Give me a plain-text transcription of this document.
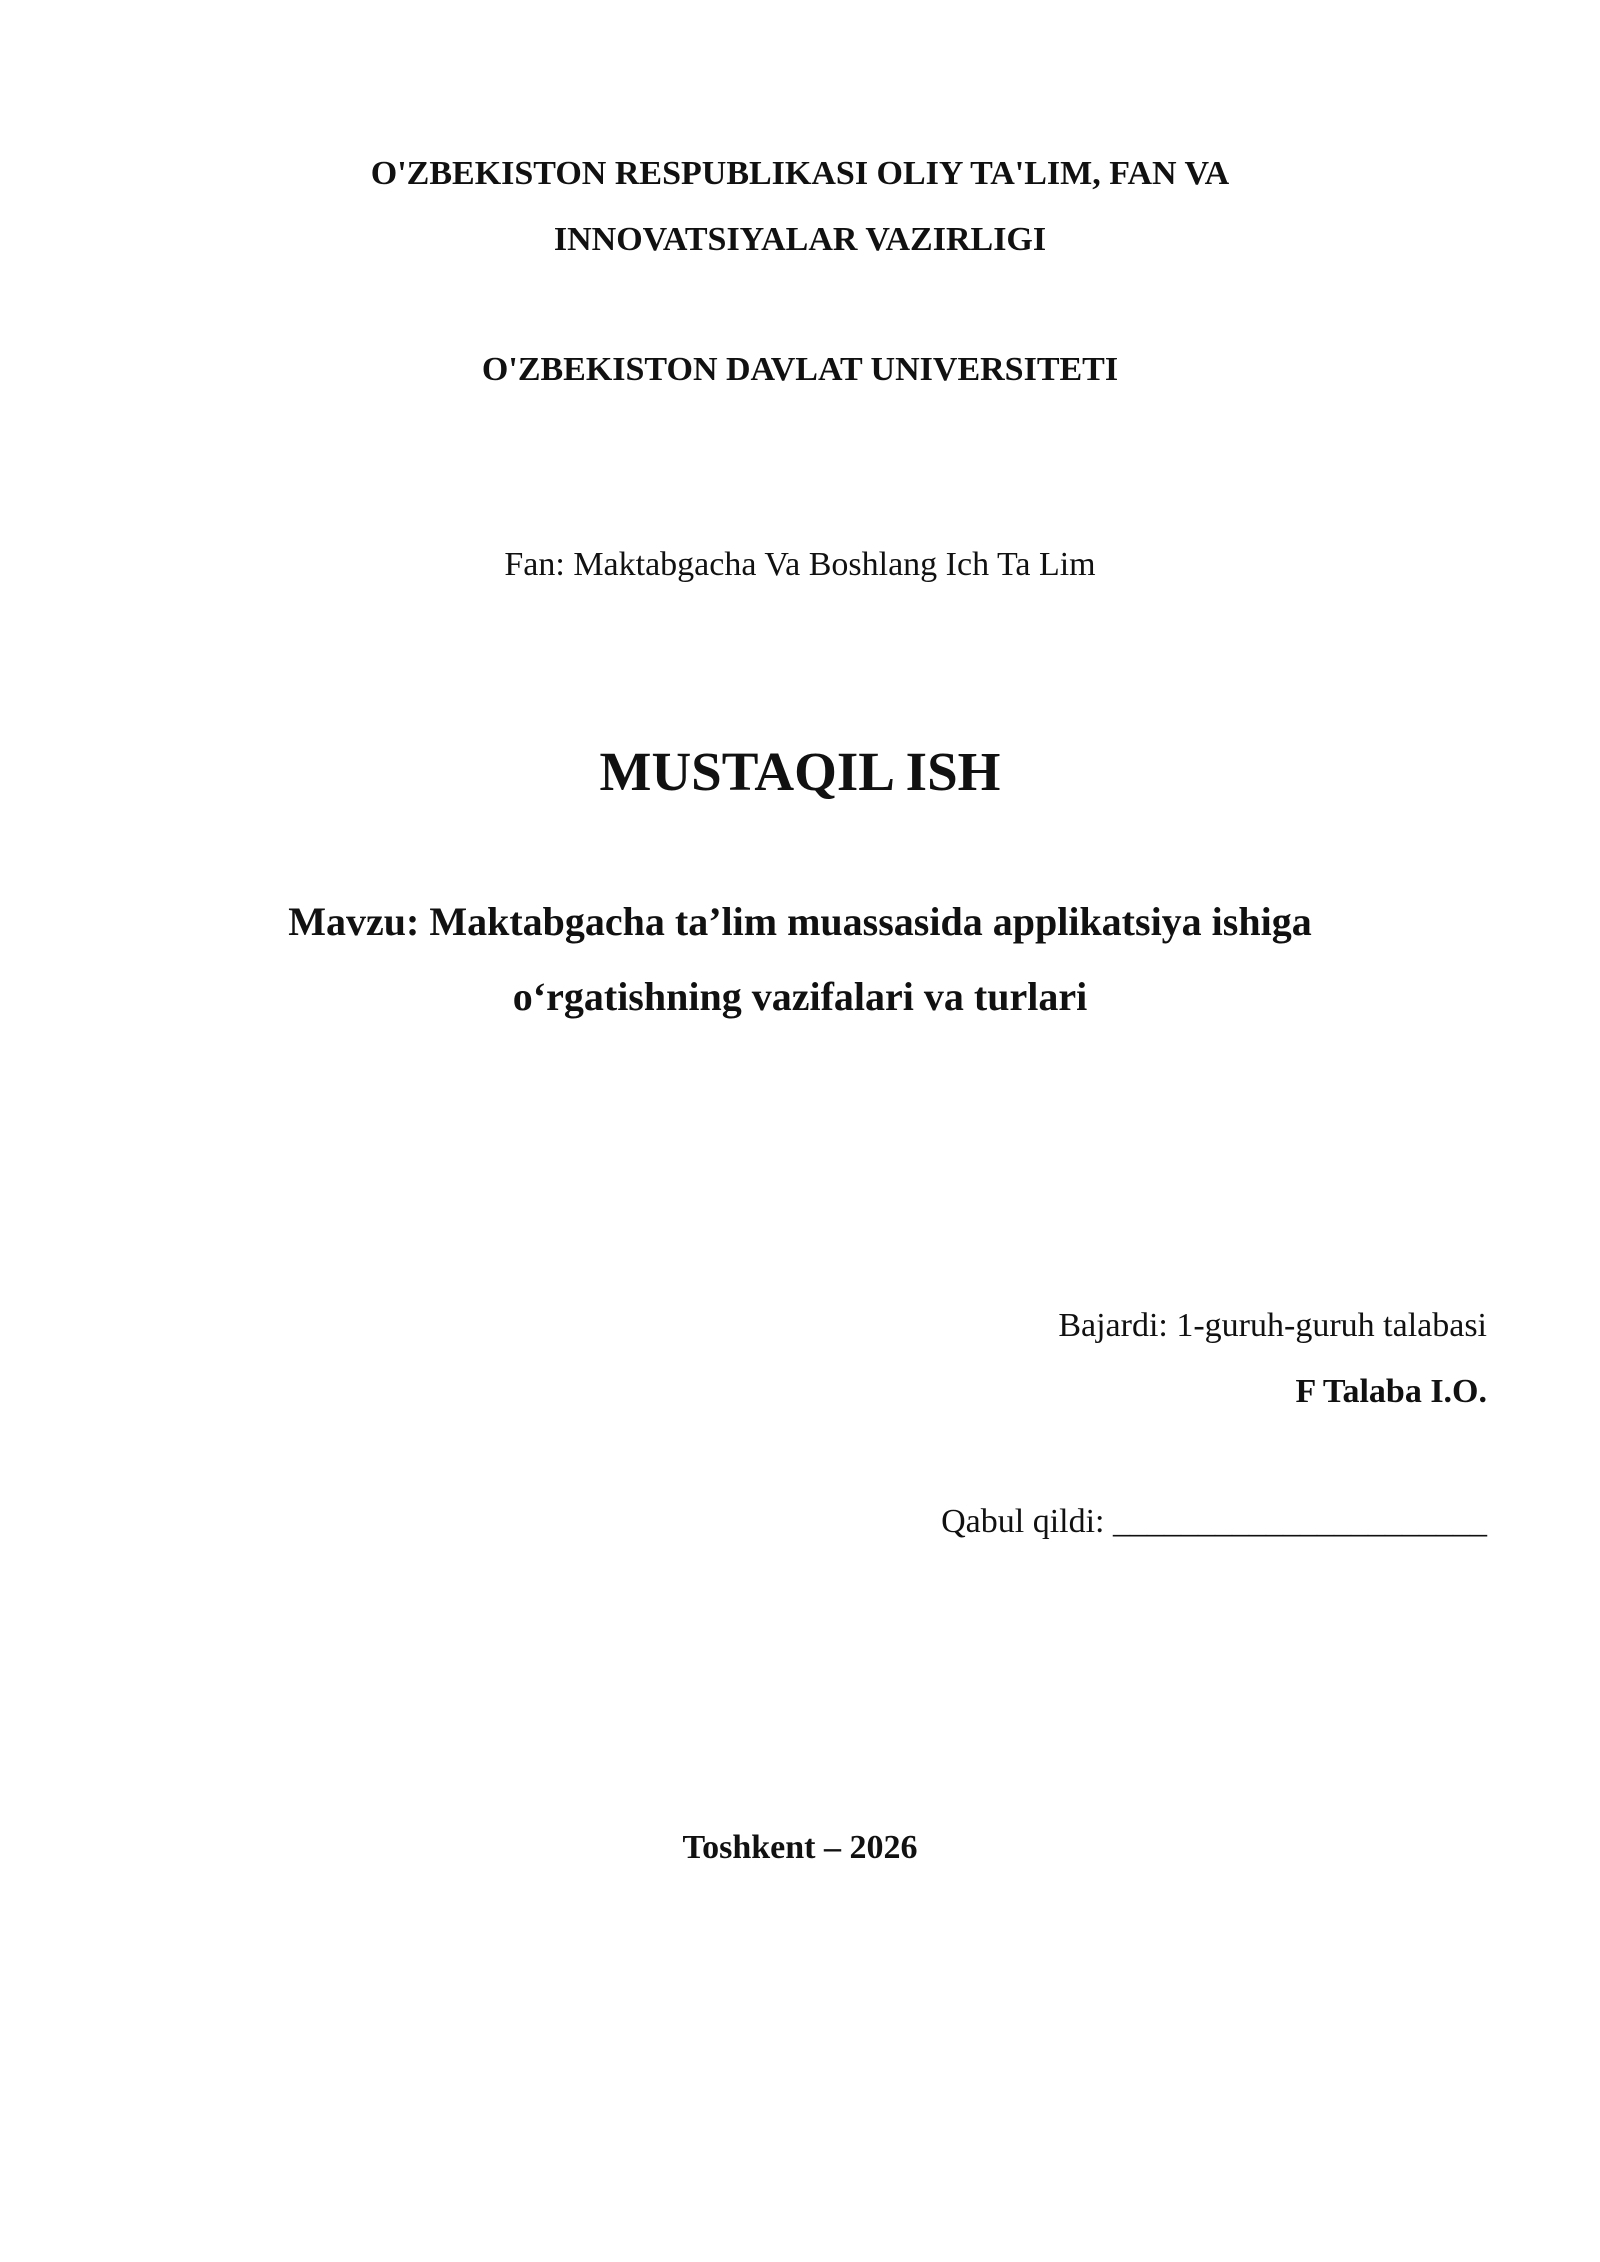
O'ZBEKISTON RESPUBLIKASI OLIY TA'LIM, FAN VA
INNOVATSIYALAR VAZIRLIGI
O'ZBEKISTON DAVLAT UNIVERSITETI
Fan: Maktabgacha Va Boshlang Ich Ta Lim
MUSTAQIL ISH
Mavzu: Maktabgacha ta’lim muassasida applikatsiya ishiga
o‘rgatishning vazifalari va turlari
Bajardi: 1-guruh-guruh talabasi
F Talaba I.O.
Qabul qildi: ______________________
Toshkent – 2026
